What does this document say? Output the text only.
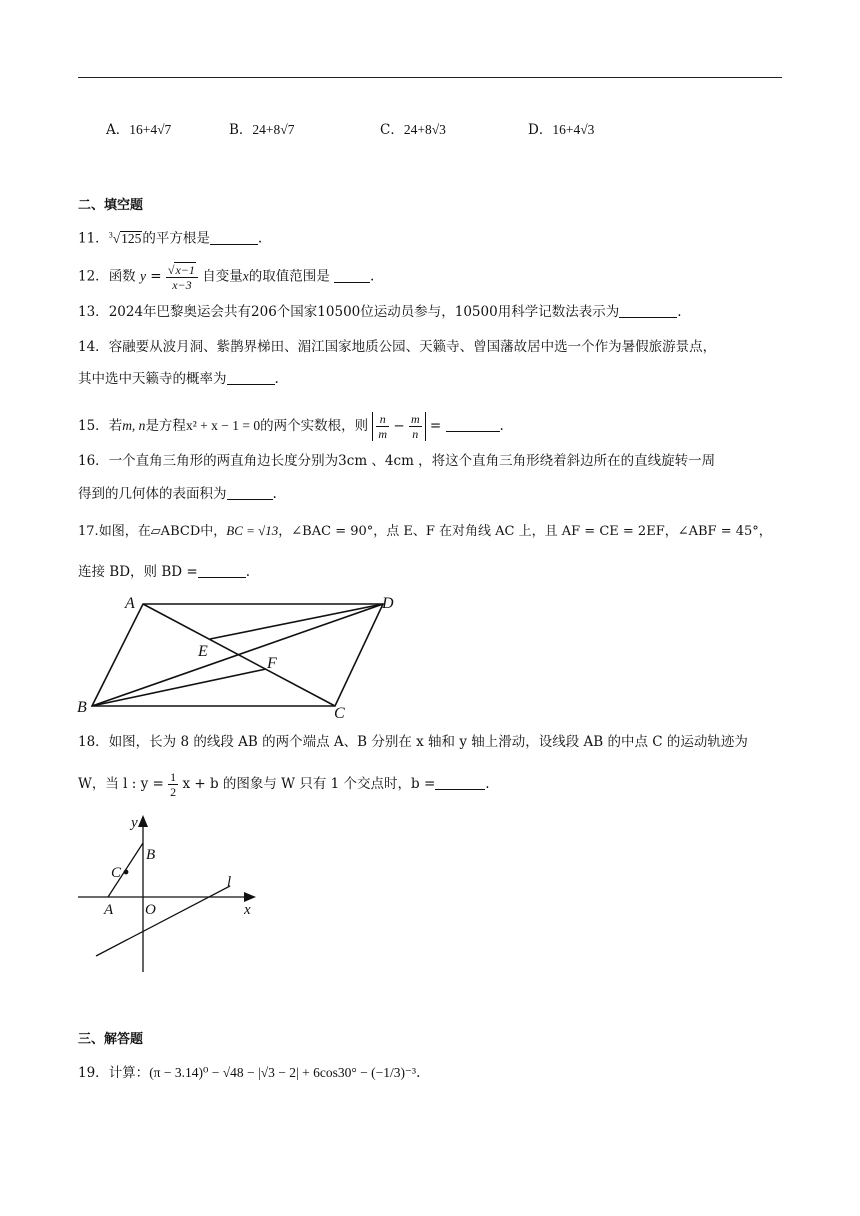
A．16+4√7	B．24+8√7	C．24+8√3	D．16+4√3
二、填空题
11．$^3$√125的平方根是	.
12．函数 $y = \frac{√x-1}{x-3}$ 自变量x的取值范围是	.
13．2024年巴黎奥运会共有206个国家10500位运动员参与，10500用科学记数法表示为	.
14．容融要从波月洞、紫鹊界梯田、湄江国家地质公园、天籁寺、曾国藩故居中选一个作为暑假旅游景点，
其中选中天籁寺的概率为	.
15．若m, n是方程x² + x − 1 = 0的两个实数根，则 $\frac{n}{m} - \frac{m}{n}$ =	.
16．一个直角三角形的两直角边长度分别为3cm 、4cm ，将这个直角三角形绕着斜边所在的直线旋转一周
得到的几何体的表面积为	.
17.如图，在▱ABCD中，BC = √13，∠BAC = 90°，点 E、F 在对角线 AC 上，且 AF = CE = 2EF，∠ABF = 45°，
连接 BD，则 BD =	.
A
B	C
D
E
F
18．如图，长为 8 的线段 AB 的两个端点 A、B 分别在 x 轴和 y 轴上滑动，设线段 AB 的中点 C 的运动轨迹为
W，当 l : $y = \frac{1}{2}$ x + b 的图象与 W 只有 1 个交点时，b =	.
y
x
B
C
A O
l
三、解答题
19．计算：(π − 3.14)⁰ − √48 − |√3 − 2| + 6cos30° − (−1/3)⁻³.
